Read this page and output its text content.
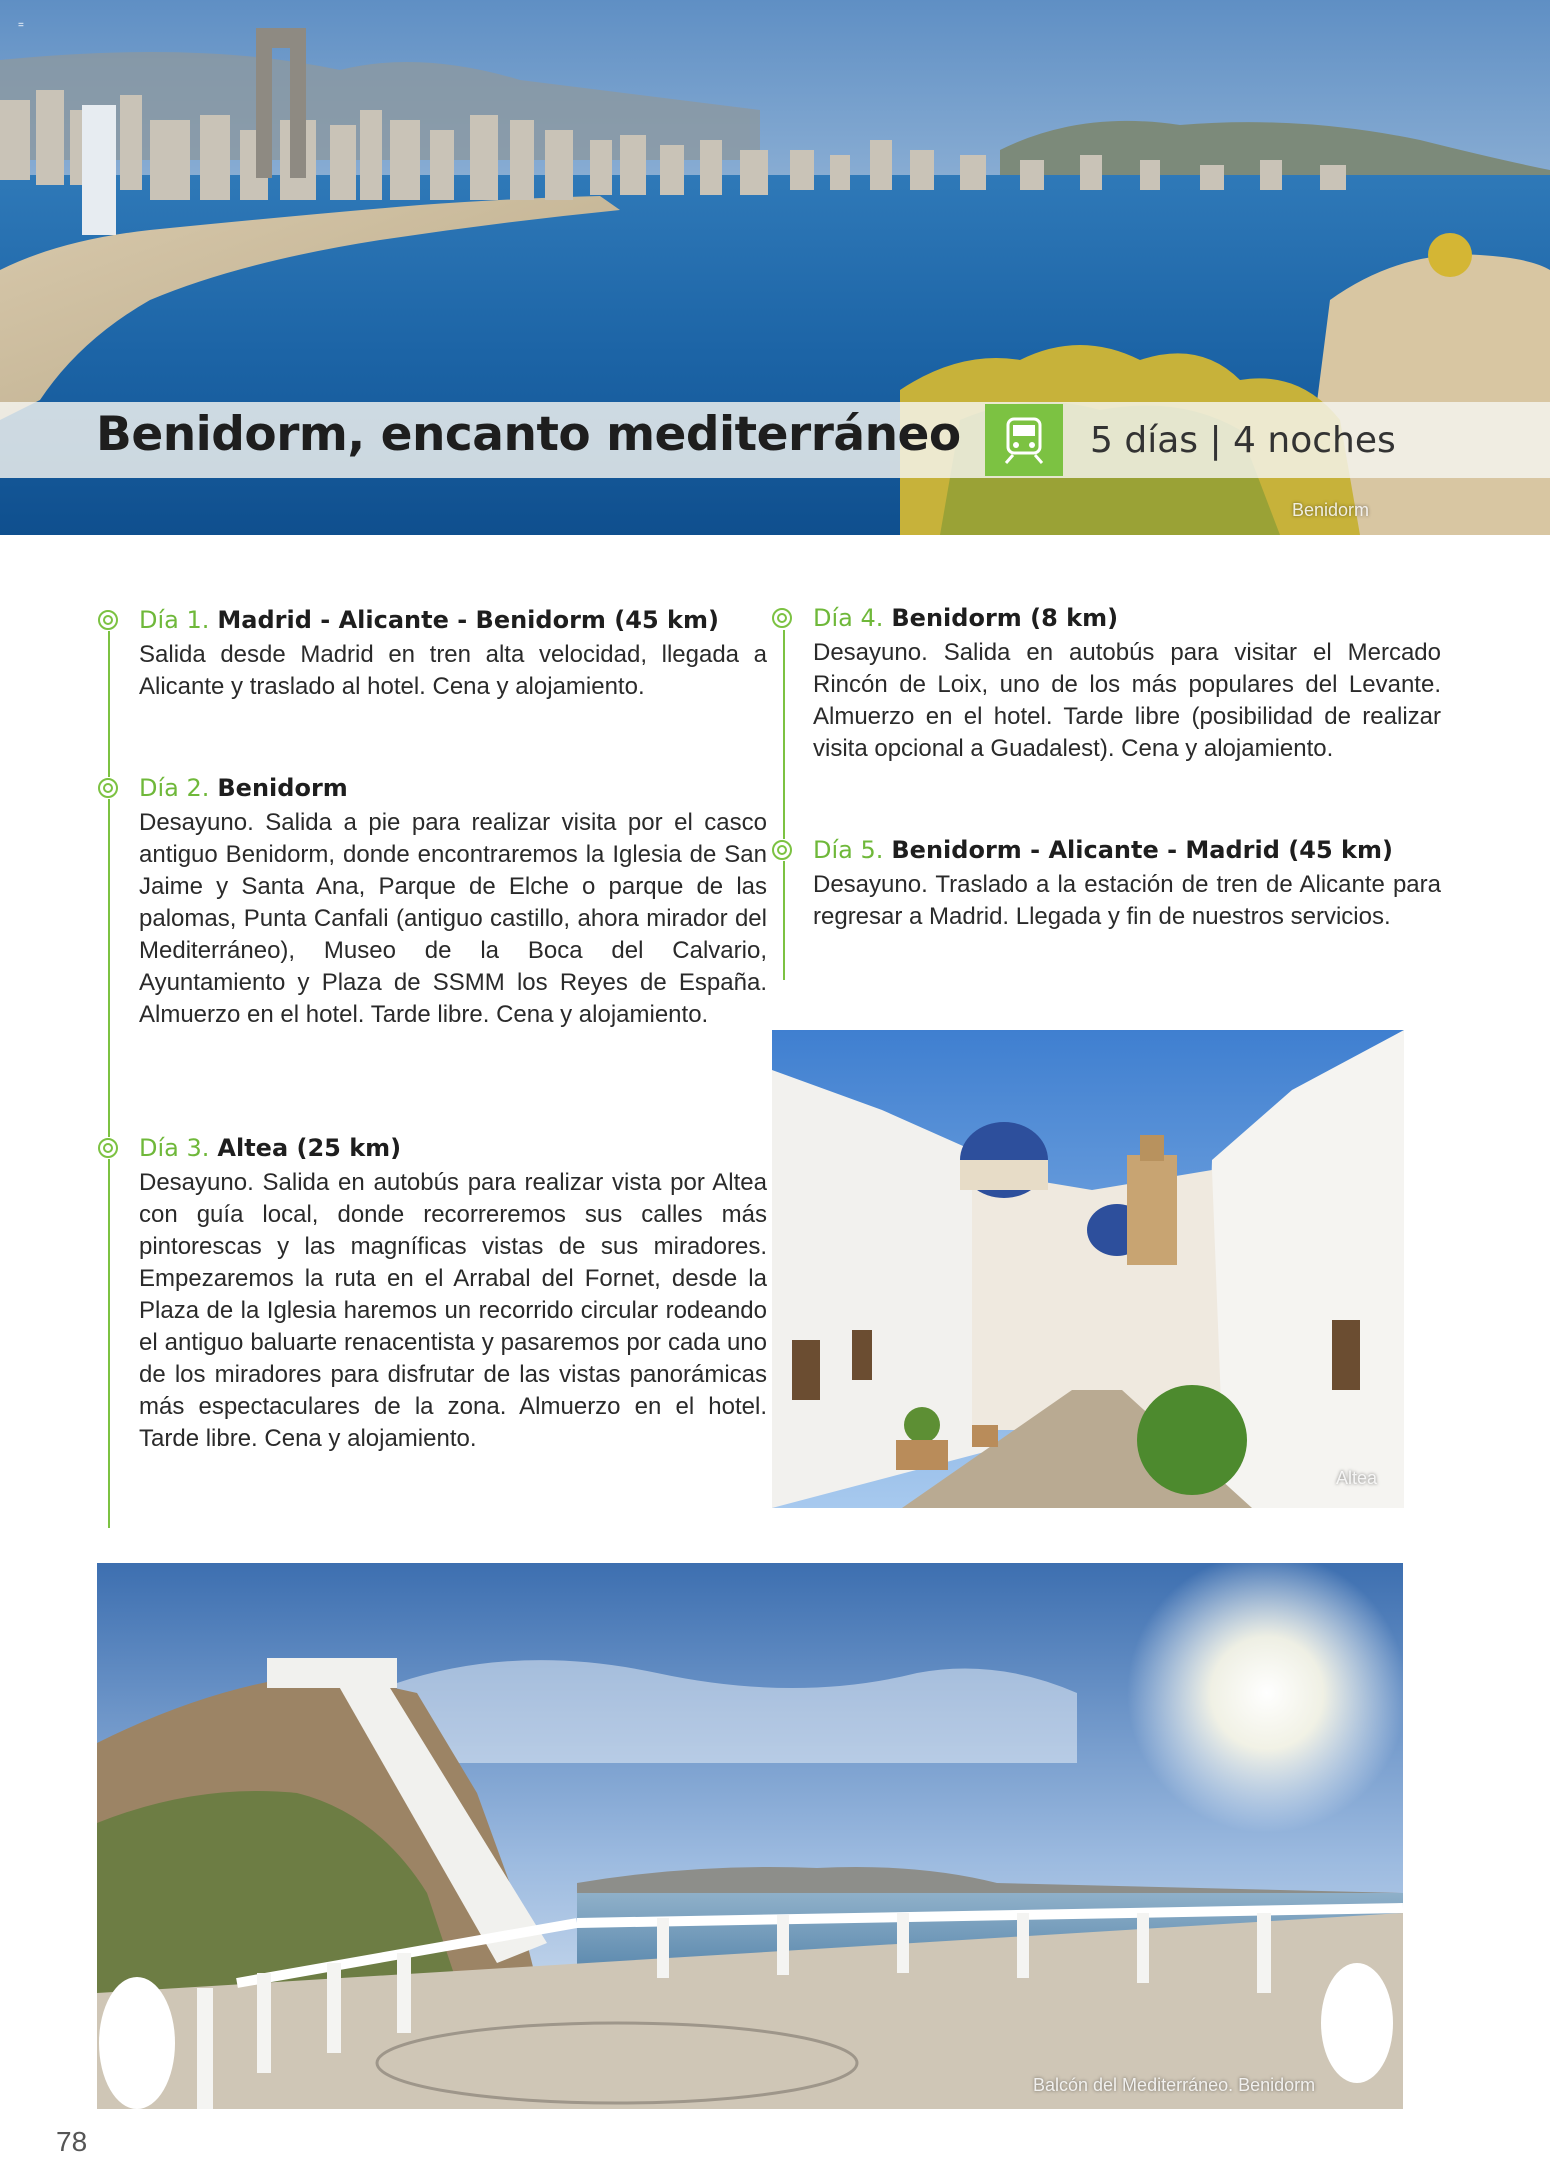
Benidorm, encanto mediterráneo	5 días | 4 noches
Benidorm
=
Día 1. Madrid - Alicante - Benidorm (45 km)

Salida desde Madrid en tren alta velocidad, llegada a Alicante y traslado al hotel. Cena y alojamiento.

Día 2. Benidorm

Desayuno. Salida a pie para realizar visita por el casco antiguo Benidorm, donde encontraremos la Iglesia de San Jaime y Santa Ana, Parque de Elche o parque de las palomas, Punta Canfali (antiguo castillo, ahora mirador del Mediterráneo), Museo de la Boca del Calvario, Ayuntamiento y Plaza de SSMM los Reyes de España. Almuerzo en el hotel. Tarde libre. Cena y alojamiento.

Día 3. Altea (25 km)

Desayuno. Salida en autobús para realizar vista por Altea con guía local, donde recorreremos sus calles más pintorescas y las magníficas vistas de sus miradores. Empezaremos la ruta en el Arrabal del Fornet, desde la Plaza de la Iglesia haremos un recorrido circular rodeando el antiguo baluarte renacentista y pasaremos por cada uno de los miradores para disfrutar de las vistas panorámicas más espectaculares de la zona. Almuerzo en el hotel. Tarde libre. Cena y alojamiento.

Día 4. Benidorm (8 km)

Desayuno. Salida en autobús para visitar el Mercado Rincón de Loix, uno de los más populares del Levante. Almuerzo en el hotel. Tarde libre (posibilidad de realizar visita opcional a Guadalest). Cena y alojamiento.

Día 5. Benidorm - Alicante - Madrid (45 km)

Desayuno. Traslado a la estación de tren de Alicante para regresar a Madrid. Llegada y fin de nuestros servicios.

Altea
Balcón del Mediterráneo. Benidorm
78
